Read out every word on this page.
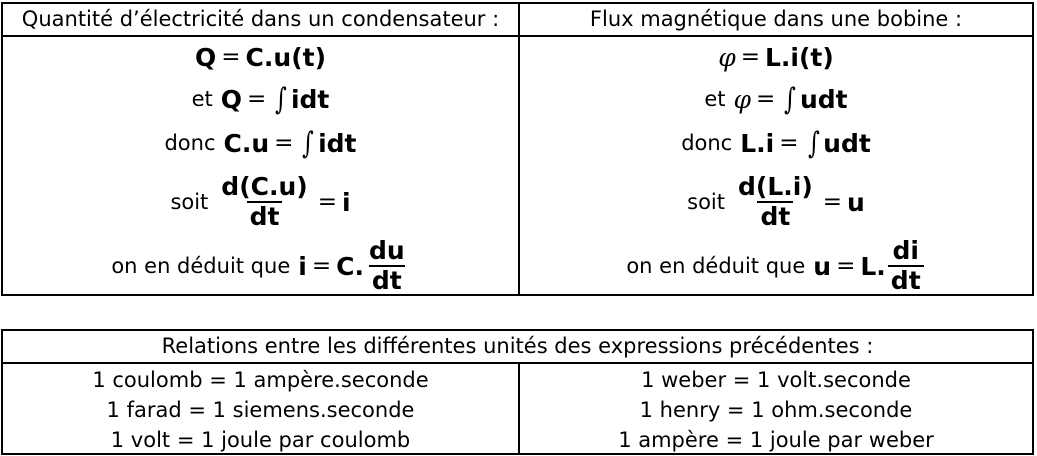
Quantité d’électricité dans un condensateur :
Q = C.u(t)
et Q = ∫ idt
donc C.u = ∫ idt
soit $\frac{d(C.u)}{dt} = i$
on en déduit que i = C. $\frac{du}{dt}$
Flux magnétique dans une bobine :
φ = L.i(t)
et φ = ∫ udt
donc L.i = ∫ udt
soit $\frac{d(L.i)}{dt} = u$
on en déduit que u = L. $\frac{di}{dt}$
Relations entre les différentes unités des expressions précédentes :
1 coulomb = 1 ampère.seconde
1 farad = 1 siemens.seconde
1 volt = 1 joule par coulomb
1 weber = 1 volt.seconde
1 henry = 1 ohm.seconde
1 ampère = 1 joule par weber
